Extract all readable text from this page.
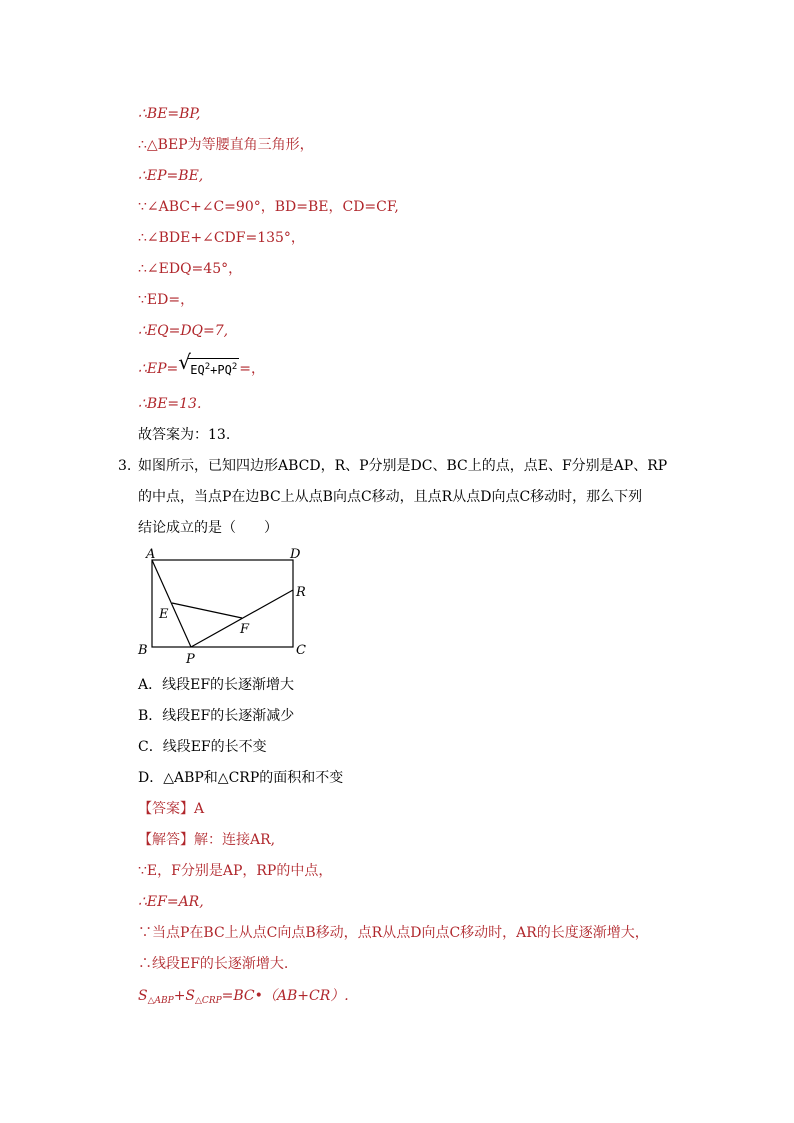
∴BE=BP,
∴△BEP为等腰直角三角形，
∴EP=BE,
∵∠ABC+∠C=90°，BD=BE，CD=CF,
∴∠BDE+∠CDF=135°，
∴∠EDQ=45°，
∵ED=，
∴EQ=DQ=7,
∴EP= √ $EQ^2+PQ^2$ =，
∴BE=13.
故答案为：13.
3. 如图所示，已知四边形ABCD，R、P分别是DC、BC上的点，点E、F分别是AP、RP
的中点，当点P在边BC上从点B向点C移动，且点R从点D向点C移动时，那么下列
结论成立的是（　　）
A	D
R
E
F
B
P
C
A．线段EF的长逐渐增大
B．线段EF的长逐渐减少
C．线段EF的长不变
D．△ABP和△CRP的面积和不变
【答案】A
【解答】解：连接AR,
∵E，F分别是AP，RP的中点，
∴EF=AR,
∵当点P在BC上从点C向点B移动，点R从点D向点C移动时，AR的长度逐渐增大，
∴线段EF的长逐渐增大.
$S_{\triangle ABP}+S_{\triangle CRP}=BC•(AB+CR)$.
